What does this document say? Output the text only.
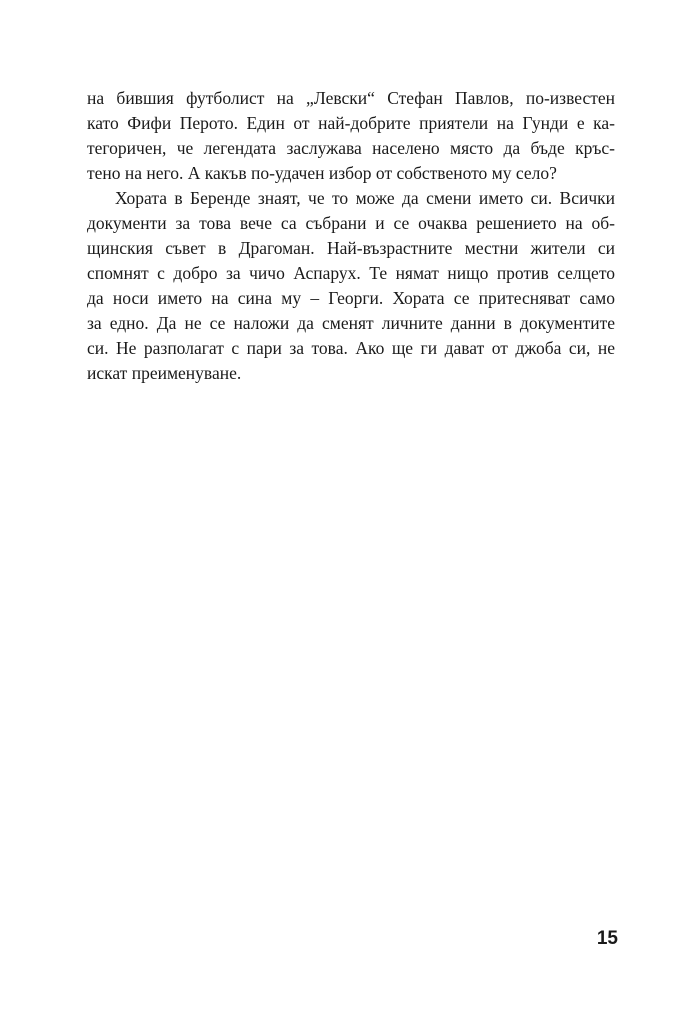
на бившия футболист на „Левски“ Стефан Павлов, по-известен
като Фифи Перото. Един от най-добрите приятели на Гунди е ка-
тегоричен, че легендата заслужава населено място да бъде кръс-
тено на него. А какъв по-удачен избор от собственото му село?
Хората в Беренде знаят, че то може да смени името си. Всички
документи за това вече са събрани и се очаква решението на об-
щинския съвет в Драгоман. Най-възрастните местни жители си
спомнят с добро за чичо Аспарух. Те нямат нищо против селцето
да носи името на сина му – Георги. Хората се притесняват само
за едно. Да не се наложи да сменят личните данни в документите
си. Не разполагат с пари за това. Ако ще ги дават от джоба си, не
искат преименуване.
15
